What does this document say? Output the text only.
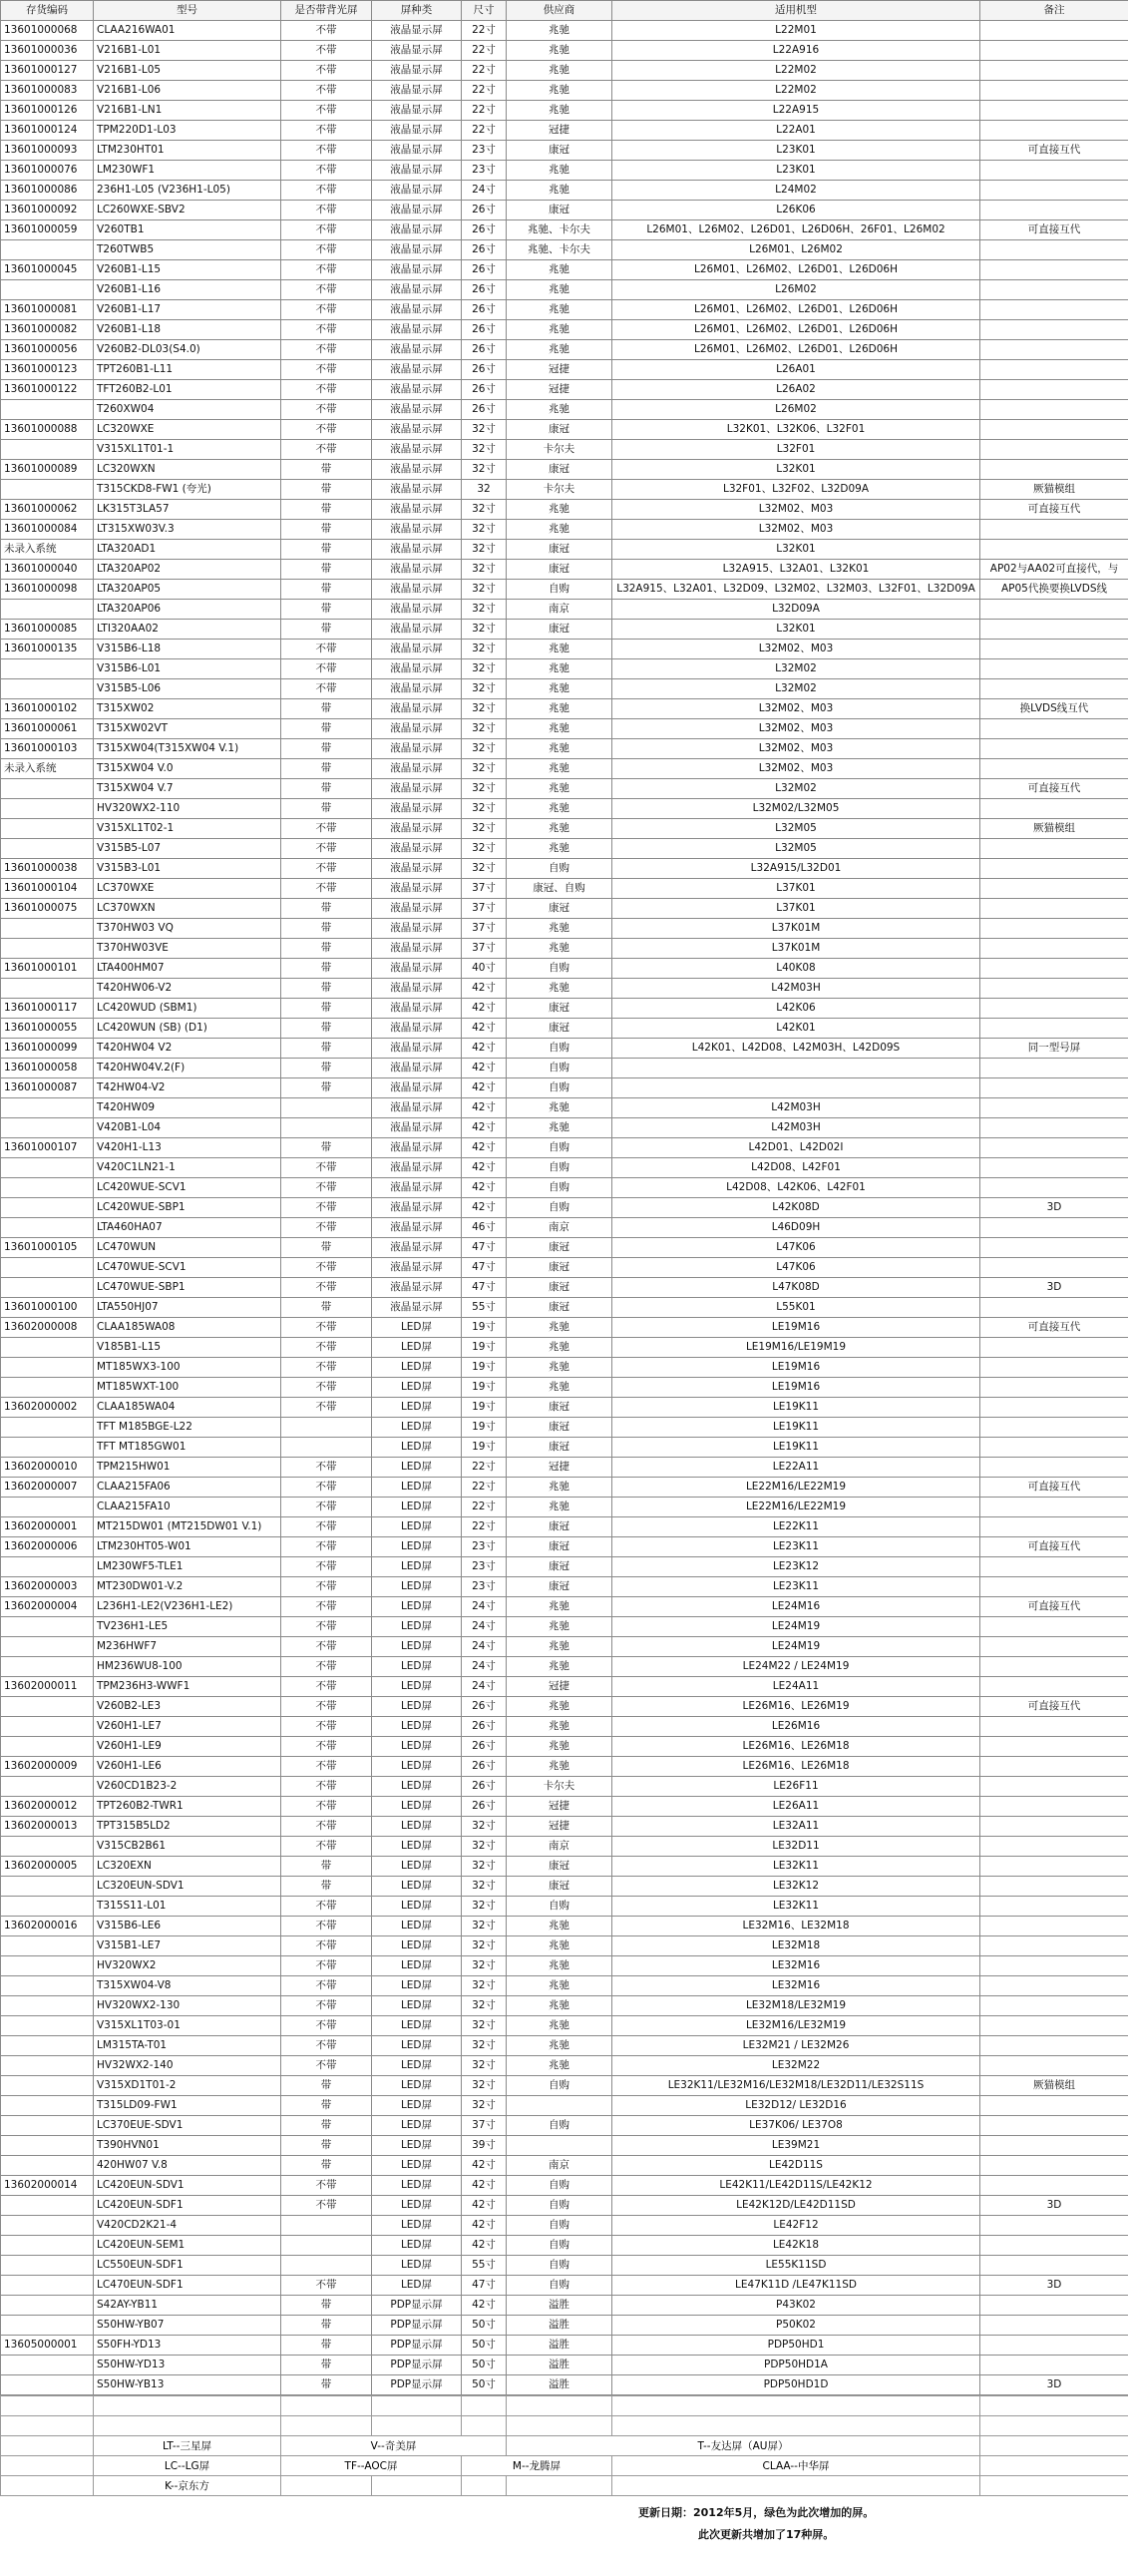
存货编码	型号	是否带背光屏	屏种类	尺寸	供应商	适用机型	备注
13601000068	CLAA216WA01	不带	液晶显示屏	22寸	兆驰	L22M01	
13601000036	V216B1-L01	不带	液晶显示屏	22寸	兆驰	L22A916	
13601000127	V216B1-L05	不带	液晶显示屏	22寸	兆驰	L22M02	
13601000083	V216B1-L06	不带	液晶显示屏	22寸	兆驰	L22M02	
13601000126	V216B1-LN1	不带	液晶显示屏	22寸	兆驰	L22A915	
13601000124	TPM220D1-L03	不带	液晶显示屏	22寸	冠捷	L22A01	
13601000093	LTM230HT01	不带	液晶显示屏	23寸	康冠	L23K01	可直接互代
13601000076	LM230WF1	不带	液晶显示屏	23寸	兆驰	L23K01	
13601000086	236H1-L05 (V236H1-L05)	不带	液晶显示屏	24寸	兆驰	L24M02	
13601000092	LC260WXE-SBV2	不带	液晶显示屏	26寸	康冠	L26K06	
13601000059	V260TB1	不带	液晶显示屏	26寸	兆驰、卡尔夫	L26M01、L26M02、L26D01、L26D06H、26F01、L26M02	可直接互代
	T260TWB5	不带	液晶显示屏	26寸	兆驰、卡尔夫	L26M01、L26M02	
13601000045	V260B1-L15	不带	液晶显示屏	26寸	兆驰	L26M01、L26M02、L26D01、L26D06H	
	V260B1-L16	不带	液晶显示屏	26寸	兆驰	L26M02	
13601000081	V260B1-L17	不带	液晶显示屏	26寸	兆驰	L26M01、L26M02、L26D01、L26D06H	
13601000082	V260B1-L18	不带	液晶显示屏	26寸	兆驰	L26M01、L26M02、L26D01、L26D06H	
13601000056	V260B2-DL03(S4.0)	不带	液晶显示屏	26寸	兆驰	L26M01、L26M02、L26D01、L26D06H	
13601000123	TPT260B1-L11	不带	液晶显示屏	26寸	冠捷	L26A01	
13601000122	TFT260B2-L01	不带	液晶显示屏	26寸	冠捷	L26A02	
	T260XW04	不带	液晶显示屏	26寸	兆驰	L26M02	
13601000088	LC320WXE	不带	液晶显示屏	32寸	康冠	L32K01、L32K06、L32F01	
	V315XL1T01-1	不带	液晶显示屏	32寸	卡尔夫	L32F01	
13601000089	LC320WXN	带	液晶显示屏	32寸	康冠	L32K01	
	T315CKD8-FW1 (夸光)	带	液晶显示屏	32	卡尔夫	L32F01、L32F02、L32D09A	厥猫模组
13601000062	LK315T3LA57	带	液晶显示屏	32寸	兆驰	L32M02、M03	可直接互代
13601000084	LT315XW03V.3	带	液晶显示屏	32寸	兆驰	L32M02、M03	
未录入系统	LTA320AD1	带	液晶显示屏	32寸	康冠	L32K01	
13601000040	LTA320AP02	带	液晶显示屏	32寸	康冠	L32A915、L32A01、L32K01	AP02与AA02可直接代，与
13601000098	LTA320AP05	带	液晶显示屏	32寸	自购	L32A915、L32A01、L32D09、L32M02、L32M03、L32F01、L32D09A	AP05代换要换LVDS线
	LTA320AP06	带	液晶显示屏	32寸	南京	L32D09A	
13601000085	LTI320AA02	带	液晶显示屏	32寸	康冠	L32K01	
13601000135	V315B6-L18	不带	液晶显示屏	32寸	兆驰	L32M02、M03	
	V315B6-L01	不带	液晶显示屏	32寸	兆驰	L32M02	
	V315B5-L06	不带	液晶显示屏	32寸	兆驰	L32M02	
13601000102	T315XW02	带	液晶显示屏	32寸	兆驰	L32M02、M03	换LVDS线互代
13601000061	T315XW02VT	带	液晶显示屏	32寸	兆驰	L32M02、M03	
13601000103	T315XW04(T315XW04 V.1)	带	液晶显示屏	32寸	兆驰	L32M02、M03	
未录入系统	T315XW04 V.0	带	液晶显示屏	32寸	兆驰	L32M02、M03	
	T315XW04 V.7	带	液晶显示屏	32寸	兆驰	L32M02	可直接互代
	HV320WX2-110	带	液晶显示屏	32寸	兆驰	L32M02/L32M05	
	V315XL1T02-1	不带	液晶显示屏	32寸	兆驰	L32M05	厥猫模组
	V315B5-L07	不带	液晶显示屏	32寸	兆驰	L32M05	
13601000038	V315B3-L01	不带	液晶显示屏	32寸	自购	L32A915/L32D01	
13601000104	LC370WXE	不带	液晶显示屏	37寸	康冠、自购	L37K01	
13601000075	LC370WXN	带	液晶显示屏	37寸	康冠	L37K01	
	T370HW03 VQ	带	液晶显示屏	37寸	兆驰	L37K01M	
	T370HW03VE	带	液晶显示屏	37寸	兆驰	L37K01M	
13601000101	LTA400HM07	带	液晶显示屏	40寸	自购	L40K08	
	T420HW06-V2	带	液晶显示屏	42寸	兆驰	L42M03H	
13601000117	LC420WUD (SBM1)	带	液晶显示屏	42寸	康冠	L42K06	
13601000055	LC420WUN (SB) (D1)	带	液晶显示屏	42寸	康冠	L42K01	
13601000099	T420HW04 V2	带	液晶显示屏	42寸	自购	L42K01、L42D08、L42M03H、L42D09S	同一型号屏
13601000058	T420HW04V.2(F)	带	液晶显示屏	42寸	自购		
13601000087	T42HW04-V2	带	液晶显示屏	42寸	自购		
	T420HW09		液晶显示屏	42寸	兆驰	L42M03H	
	V420B1-L04		液晶显示屏	42寸	兆驰	L42M03H	
13601000107	V420H1-L13	带	液晶显示屏	42寸	自购	L42D01、L42D02I	
	V420C1LN21-1	不带	液晶显示屏	42寸	自购	L42D08、L42F01	
	LC420WUE-SCV1	不带	液晶显示屏	42寸	自购	L42D08、L42K06、L42F01	
	LC420WUE-SBP1	不带	液晶显示屏	42寸	自购	L42K08D	3D
	LTA460HA07	不带	液晶显示屏	46寸	南京	L46D09H	
13601000105	LC470WUN	带	液晶显示屏	47寸	康冠	L47K06	
	LC470WUE-SCV1	不带	液晶显示屏	47寸	康冠	L47K06	
	LC470WUE-SBP1	不带	液晶显示屏	47寸	康冠	L47K08D	3D
13601000100	LTA550HJ07	带	液晶显示屏	55寸	康冠	L55K01	
13602000008	CLAA185WA08	不带	LED屏	19寸	兆驰	LE19M16	可直接互代
	V185B1-L15	不带	LED屏	19寸	兆驰	LE19M16/LE19M19	
	MT185WX3-100	不带	LED屏	19寸	兆驰	LE19M16	
	MT185WXT-100	不带	LED屏	19寸	兆驰	LE19M16	
13602000002	CLAA185WA04	不带	LED屏	19寸	康冠	LE19K11	
	TFT M185BGE-L22		LED屏	19寸	康冠	LE19K11	
	TFT MT185GW01		LED屏	19寸	康冠	LE19K11	
13602000010	TPM215HW01	不带	LED屏	22寸	冠捷	LE22A11	
13602000007	CLAA215FA06	不带	LED屏	22寸	兆驰	LE22M16/LE22M19	可直接互代
	CLAA215FA10	不带	LED屏	22寸	兆驰	LE22M16/LE22M19	
13602000001	MT215DW01 (MT215DW01 V.1)	不带	LED屏	22寸	康冠	LE22K11	
13602000006	LTM230HT05-W01	不带	LED屏	23寸	康冠	LE23K11	可直接互代
	LM230WF5-TLE1	不带	LED屏	23寸	康冠	LE23K12	
13602000003	MT230DW01-V.2	不带	LED屏	23寸	康冠	LE23K11	
13602000004	L236H1-LE2(V236H1-LE2)	不带	LED屏	24寸	兆驰	LE24M16	可直接互代
	TV236H1-LE5	不带	LED屏	24寸	兆驰	LE24M19	
	M236HWF7	不带	LED屏	24寸	兆驰	LE24M19	
	HM236WU8-100	不带	LED屏	24寸	兆驰	LE24M22 / LE24M19	
13602000011	TPM236H3-WWF1	不带	LED屏	24寸	冠捷	LE24A11	
	V260B2-LE3	不带	LED屏	26寸	兆驰	LE26M16、LE26M19	可直接互代
	V260H1-LE7	不带	LED屏	26寸	兆驰	LE26M16	
	V260H1-LE9	不带	LED屏	26寸	兆驰	LE26M16、LE26M18	
13602000009	V260H1-LE6	不带	LED屏	26寸	兆驰	LE26M16、LE26M18	
	V260CD1B23-2	不带	LED屏	26寸	卡尔夫	LE26F11	
13602000012	TPT260B2-TWR1	不带	LED屏	26寸	冠捷	LE26A11	
13602000013	TPT315B5LD2	不带	LED屏	32寸	冠捷	LE32A11	
	V315CB2B61	不带	LED屏	32寸	南京	LE32D11	
13602000005	LC320EXN	带	LED屏	32寸	康冠	LE32K11	
	LC320EUN-SDV1	带	LED屏	32寸	康冠	LE32K12	
	T315S11-L01	不带	LED屏	32寸	自购	LE32K11	
13602000016	V315B6-LE6	不带	LED屏	32寸	兆驰	LE32M16、LE32M18	
	V315B1-LE7	不带	LED屏	32寸	兆驰	LE32M18	
	HV320WX2	不带	LED屏	32寸	兆驰	LE32M16	
	T315XW04-V8	不带	LED屏	32寸	兆驰	LE32M16	
	HV320WX2-130	不带	LED屏	32寸	兆驰	LE32M18/LE32M19	
	V315XL1T03-01	不带	LED屏	32寸	兆驰	LE32M16/LE32M19	
	LM315TA-T01	不带	LED屏	32寸	兆驰	LE32M21 / LE32M26	
	HV32WX2-140	不带	LED屏	32寸	兆驰	LE32M22	
	V315XD1T01-2	带	LED屏	32寸	自购	LE32K11/LE32M16/LE32M18/LE32D11/LE32S11S	厥猫模组
	T315LD09-FW1	带	LED屏	32寸		LE32D12/ LE32D16	
	LC370EUE-SDV1	带	LED屏	37寸	自购	LE37K06/ LE37O8	
	T390HVN01	带	LED屏	39寸		LE39M21	
	420HW07 V.8	带	LED屏	42寸	南京	LE42D11S	
13602000014	LC420EUN-SDV1	不带	LED屏	42寸	自购	LE42K11/LE42D11S/LE42K12	
	LC420EUN-SDF1	不带	LED屏	42寸	自购	LE42K12D/LE42D11SD	3D
	V420CD2K21-4		LED屏	42寸	自购	LE42F12	
	LC420EUN-SEM1		LED屏	42寸	自购	LE42K18	
	LC550EUN-SDF1		LED屏	55寸	自购	LE55K11SD	
	LC470EUN-SDF1	不带	LED屏	47寸	自购	LE47K11D /LE47K11SD	3D
	S42AY-YB11	带	PDP显示屏	42寸	溢胜	P43K02	
	S50HW-YB07	带	PDP显示屏	50寸	溢胜	P50K02	
13605000001	S50FH-YD13	带	PDP显示屏	50寸	溢胜	PDP50HD1	
	S50HW-YD13	带	PDP显示屏	50寸	溢胜	PDP50HD1A	
	S50HW-YB13	带	PDP显示屏	50寸	溢胜	PDP50HD1D	3D

	LT--三星屏	V--奇美屏			T--友达屏（AU屏）		
	LC--LG屏	TF--AOC屏		M--龙腾屏		CLAA--中华屏	
	K--京东方						
更新日期：2012年5月，绿色为此次增加的屏。
此次更新共增加了17种屏。
